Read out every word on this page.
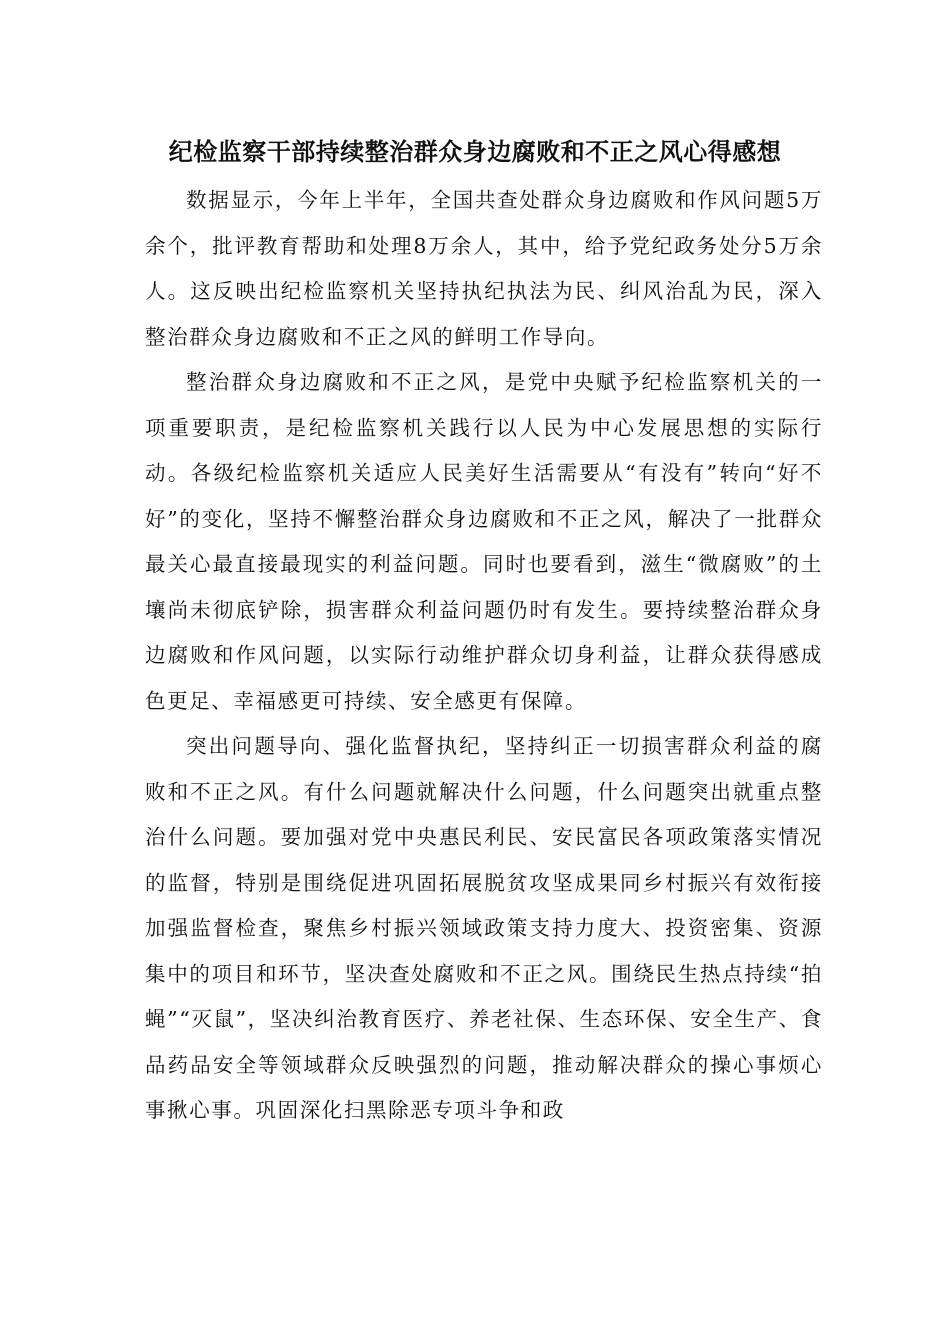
纪检监察干部持续整治群众身边腐败和不正之风心得感想

数据显示，今年上半年，全国共查处群众身边腐败和作风问题5万余个，批评教育帮助和处理8万余人，其中，给予党纪政务处分5万余人。这反映出纪检监察机关坚持执纪执法为民、纠风治乱为民，深入整治群众身边腐败和不正之风的鲜明工作导向。

整治群众身边腐败和不正之风，是党中央赋予纪检监察机关的一项重要职责，是纪检监察机关践行以人民为中心发展思想的实际行动。各级纪检监察机关适应人民美好生活需要从“有没有”转向“好不好”的变化，坚持不懈整治群众身边腐败和不正之风，解决了一批群众最关心最直接最现实的利益问题。同时也要看到，滋生“微腐败”的土壤尚未彻底铲除，损害群众利益问题仍时有发生。要持续整治群众身边腐败和作风问题，以实际行动维护群众切身利益，让群众获得感成色更足、幸福感更可持续、安全感更有保障。

突出问题导向、强化监督执纪，坚持纠正一切损害群众利益的腐败和不正之风。有什么问题就解决什么问题，什么问题突出就重点整治什么问题。要加强对党中央惠民利民、安民富民各项政策落实情况的监督，特别是围绕促进巩固拓展脱贫攻坚成果同乡村振兴有效衔接加强监督检查，聚焦乡村振兴领域政策支持力度大、投资密集、资源集中的项目和环节，坚决查处腐败和不正之风。围绕民生热点持续“拍蝇”“灭鼠”，坚决纠治教育医疗、养老社保、生态环保、安全生产、食品药品安全等领域群众反映强烈的问题，推动解决群众的操心事烦心事揪心事。巩固深化扫黑除恶专项斗争和政
